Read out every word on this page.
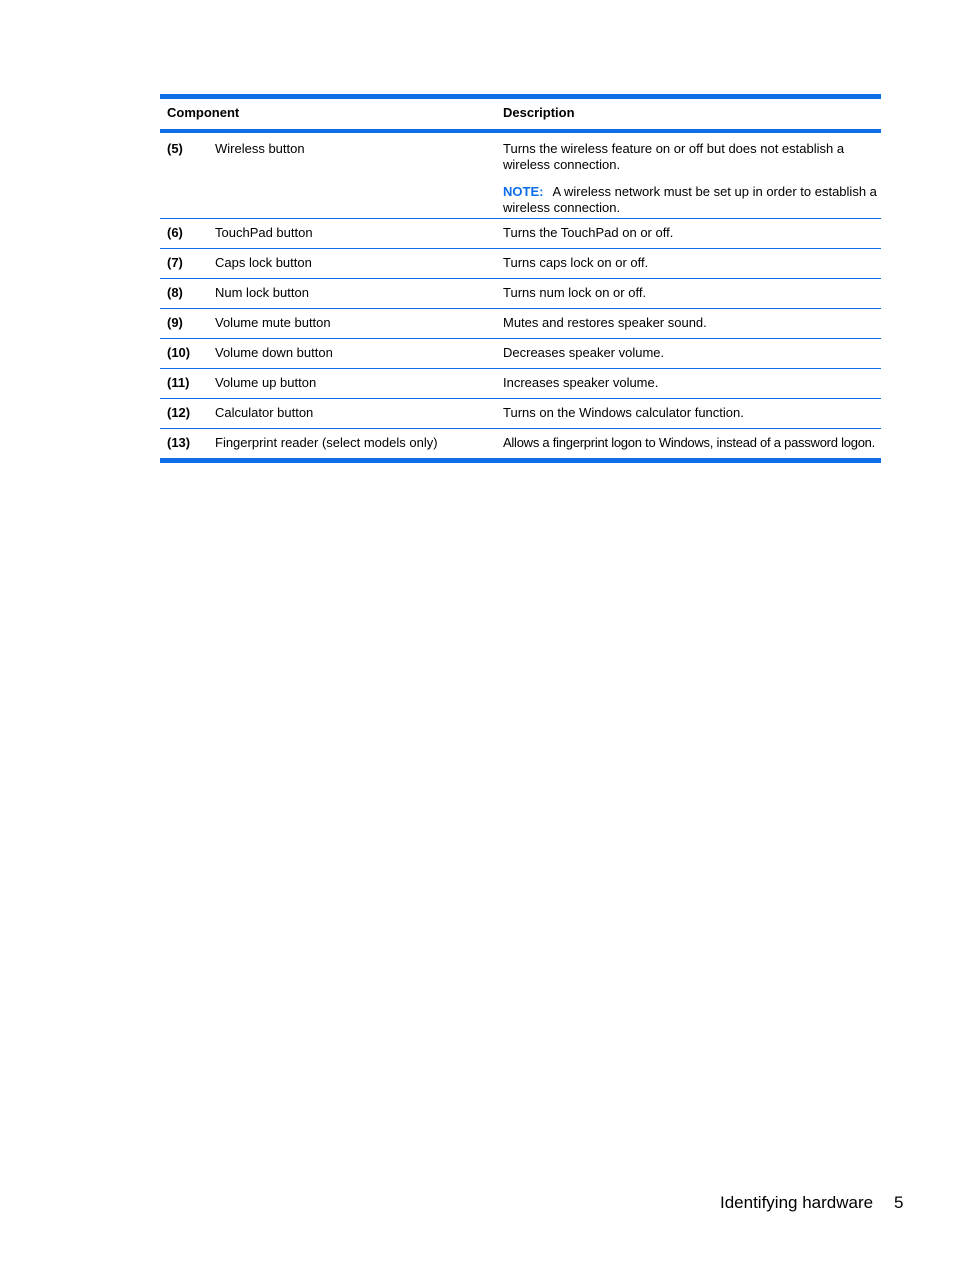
Component	Description
(5) Wireless button	Turns the wireless feature on or off but does not establish a wireless connection.
NOTE: A wireless network must be set up in order to establish a wireless connection.
(6) TouchPad button	Turns the TouchPad on or off.
(7) Caps lock button	Turns caps lock on or off.
(8) Num lock button	Turns num lock on or off.
(9) Volume mute button	Mutes and restores speaker sound.
(10) Volume down button	Decreases speaker volume.
(11) Volume up button	Increases speaker volume.
(12) Calculator button	Turns on the Windows calculator function.
(13) Fingerprint reader (select models only)	Allows a fingerprint logon to Windows, instead of a password logon.
Identifying hardware 5
